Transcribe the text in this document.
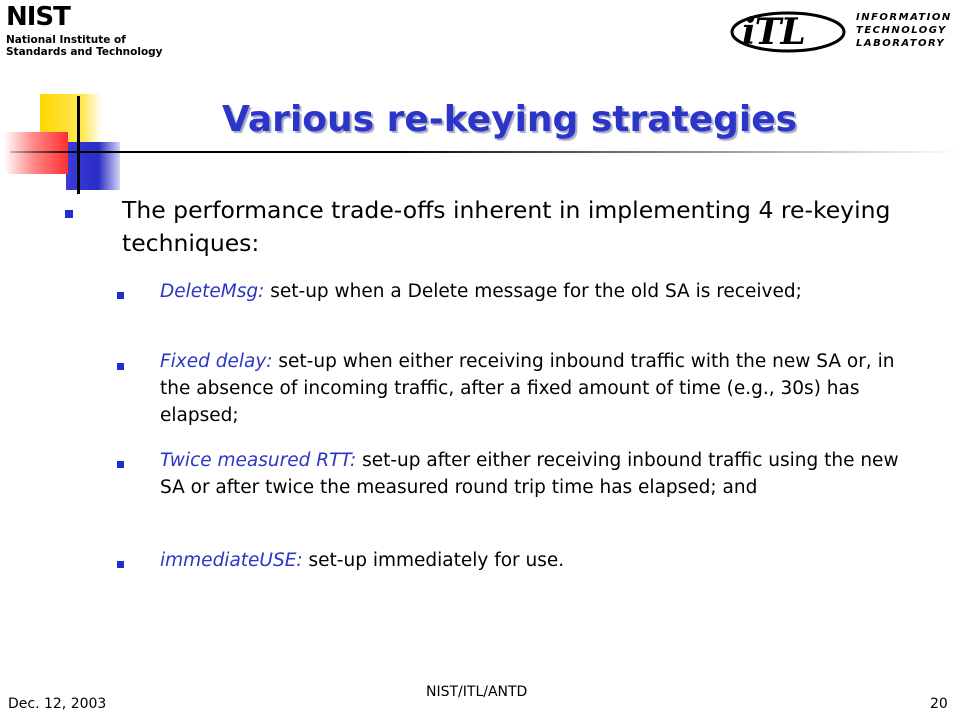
NIST
National Institute of
Standards and Technology	iTL	INFORMATION
TECHNOLOGY
LABORATORY
Various re-keying strategies
The performance trade-offs inherent in implementing 4 re-keying techniques:
DeleteMsg: set-up when a Delete message for the old SA is received;
Fixed delay: set-up when either receiving inbound traffic with the new SA or, in the absence of incoming traffic, after a fixed amount of time (e.g., 30s) has elapsed;
Twice measured RTT: set-up after either receiving inbound traffic using the new SA or after twice the measured round trip time has elapsed; and
immediateUSE: set-up immediately for use.
Dec. 12, 2003
NIST/ITL/ANTD
20
